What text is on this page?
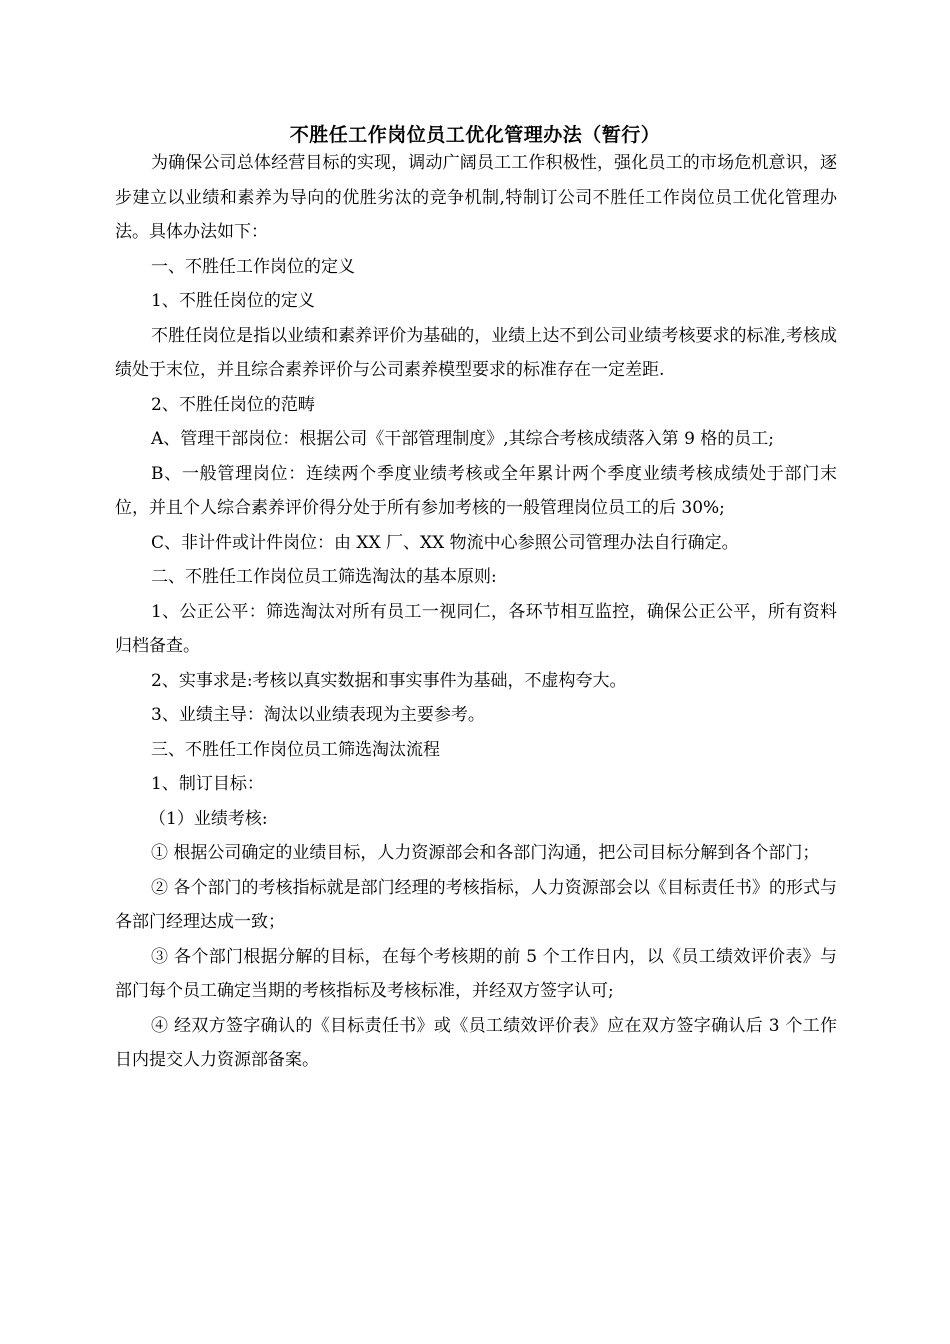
不胜任工作岗位员工优化管理办法（暂行）

为确保公司总体经营目标的实现，调动广阔员工工作积极性，强化员工的市场危机意识，逐步建立以业绩和素养为导向的优胜劣汰的竞争机制,特制订公司不胜任工作岗位员工优化管理办法。具体办法如下：

一、不胜任工作岗位的定义

1、不胜任岗位的定义

不胜任岗位是指以业绩和素养评价为基础的，业绩上达不到公司业绩考核要求的标准,考核成绩处于末位，并且综合素养评价与公司素养模型要求的标准存在一定差距.

2、不胜任岗位的范畴

A、管理干部岗位：根据公司《干部管理制度》,其综合考核成绩落入第 9 格的员工;

B、一般管理岗位：连续两个季度业绩考核或全年累计两个季度业绩考核成绩处于部门末位，并且个人综合素养评价得分处于所有参加考核的一般管理岗位员工的后 30%;

C、非计件或计件岗位：由 XX 厂、XX 物流中心参照公司管理办法自行确定。

二、不胜任工作岗位员工筛选淘汰的基本原则:

1、公正公平：筛选淘汰对所有员工一视同仁，各环节相互监控，确保公正公平，所有资料归档备查。

2、实事求是:考核以真实数据和事实事件为基础，不虚构夸大。

3、业绩主导：淘汰以业绩表现为主要参考。

三、不胜任工作岗位员工筛选淘汰流程

1、制订目标：

（1）业绩考核:

① 根据公司确定的业绩目标，人力资源部会和各部门沟通，把公司目标分解到各个部门；

② 各个部门的考核指标就是部门经理的考核指标，人力资源部会以《目标责任书》的形式与各部门经理达成一致；

③ 各个部门根据分解的目标，在每个考核期的前 5 个工作日内，以《员工绩效评价表》与部门每个员工确定当期的考核指标及考核标准，并经双方签字认可;

④ 经双方签字确认的《目标责任书》或《员工绩效评价表》应在双方签字确认后 3 个工作日内提交人力资源部备案。
